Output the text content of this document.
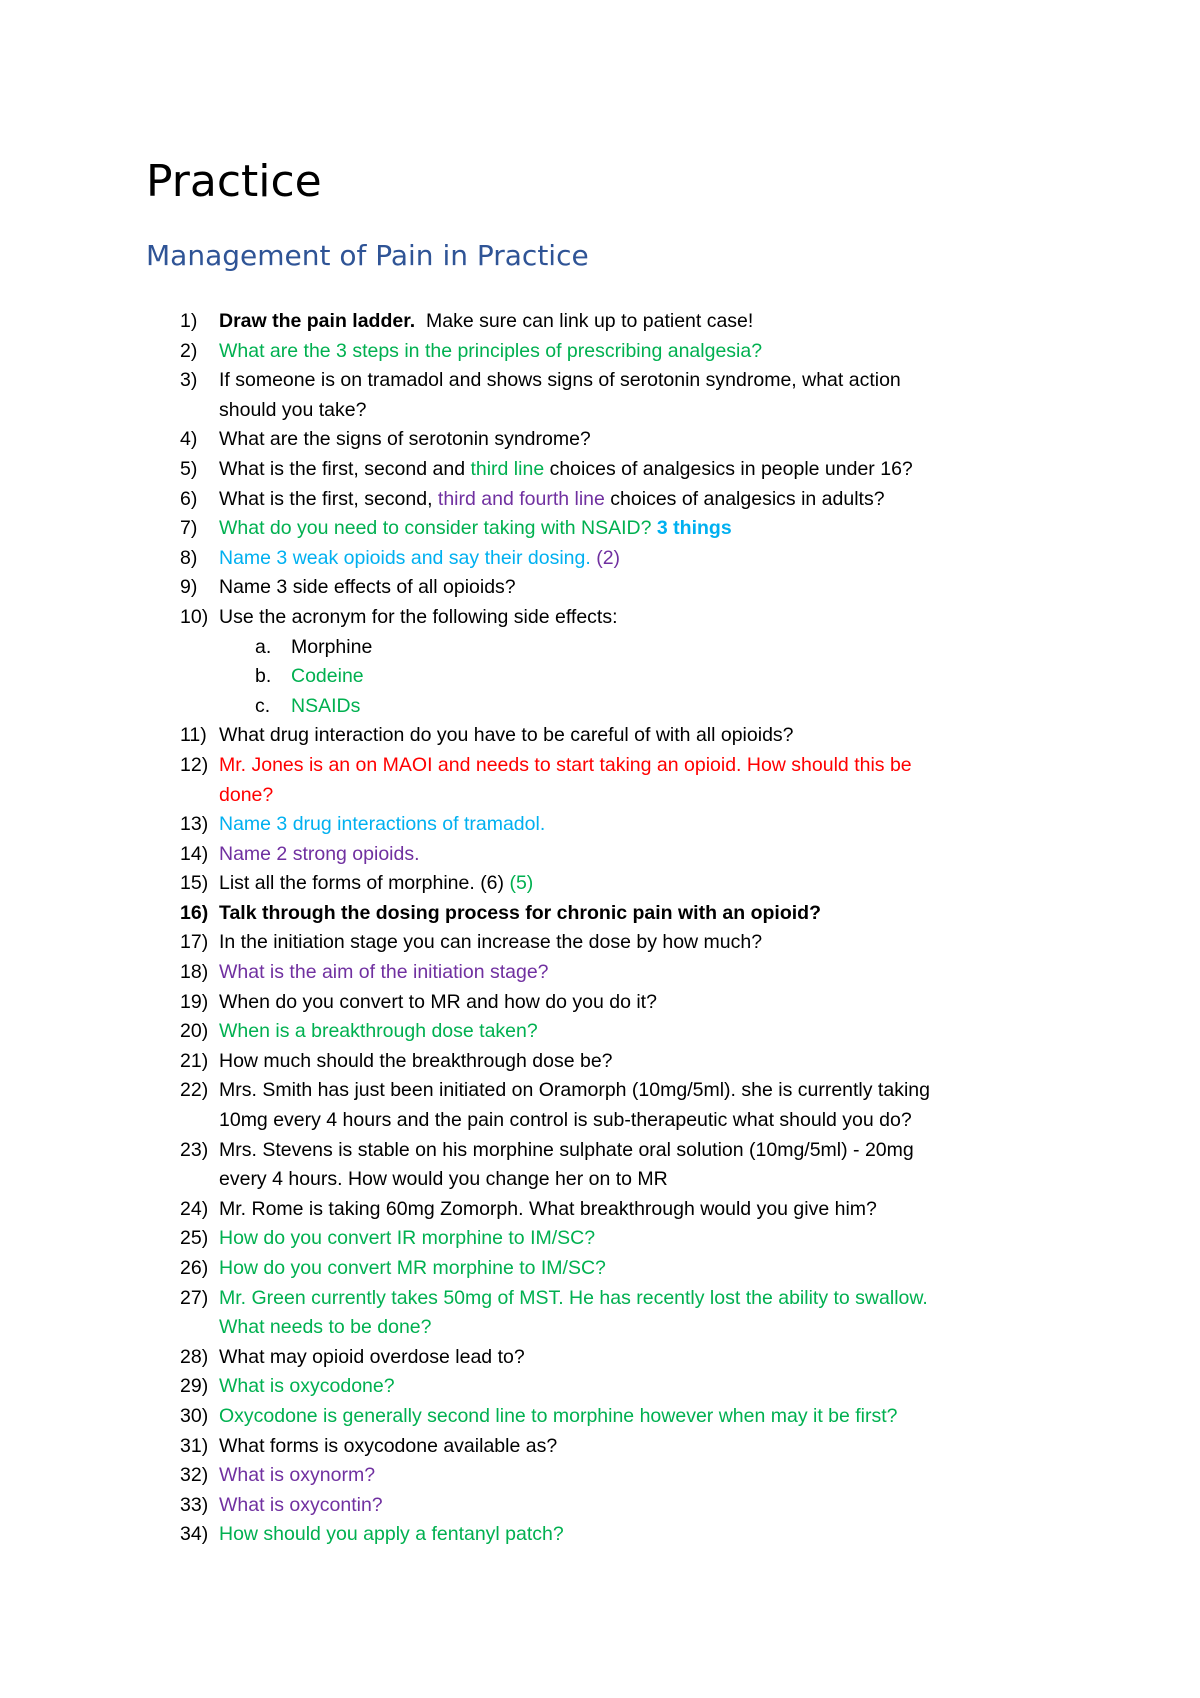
Practice
Management of Pain in Practice
1) Draw the pain ladder.  Make sure can link up to patient case!
2) What are the 3 steps in the principles of prescribing analgesia?
3) If someone is on tramadol and shows signs of serotonin syndrome, what action
should you take?
4) What are the signs of serotonin syndrome?
5) What is the first, second and third line choices of analgesics in people under 16?
6) What is the first, second, third and fourth line choices of analgesics in adults?
7) What do you need to consider taking with NSAID? 3 things
8) Name 3 weak opioids and say their dosing. (2)
9) Name 3 side effects of all opioids?
10) Use the acronym for the following side effects:
a. Morphine
b. Codeine
c. NSAIDs
11) What drug interaction do you have to be careful of with all opioids?
12) Mr. Jones is an on MAOI and needs to start taking an opioid. How should this be
done?
13) Name 3 drug interactions of tramadol.
14) Name 2 strong opioids.
15) List all the forms of morphine. (6) (5)
16) Talk through the dosing process for chronic pain with an opioid?
17) In the initiation stage you can increase the dose by how much?
18) What is the aim of the initiation stage?
19) When do you convert to MR and how do you do it?
20) When is a breakthrough dose taken?
21) How much should the breakthrough dose be?
22) Mrs. Smith has just been initiated on Oramorph (10mg/5ml). she is currently taking
10mg every 4 hours and the pain control is sub-therapeutic what should you do?
23) Mrs. Stevens is stable on his morphine sulphate oral solution (10mg/5ml) - 20mg
every 4 hours. How would you change her on to MR
24) Mr. Rome is taking 60mg Zomorph. What breakthrough would you give him?
25) How do you convert IR morphine to IM/SC?
26) How do you convert MR morphine to IM/SC?
27) Mr. Green currently takes 50mg of MST. He has recently lost the ability to swallow.
What needs to be done?
28) What may opioid overdose lead to?
29) What is oxycodone?
30) Oxycodone is generally second line to morphine however when may it be first?
31) What forms is oxycodone available as?
32) What is oxynorm?
33) What is oxycontin?
34) How should you apply a fentanyl patch?
